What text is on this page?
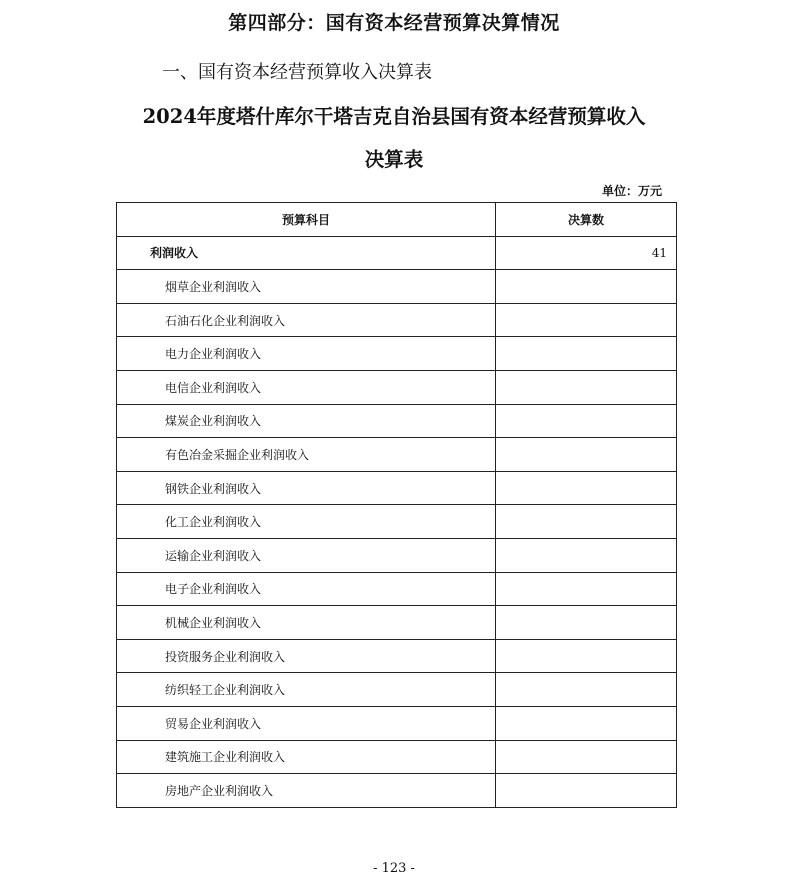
第四部分：国有资本经营预算决算情况
一、国有资本经营预算收入决算表
2024年度塔什库尔干塔吉克自治县国有资本经营预算收入
决算表
单位：万元
预算科目	决算数
利润收入	41
烟草企业利润收入	
石油石化企业利润收入	
电力企业利润收入	
电信企业利润收入	
煤炭企业利润收入	
有色冶金采掘企业利润收入	
钢铁企业利润收入	
化工企业利润收入	
运输企业利润收入	
电子企业利润收入	
机械企业利润收入	
投资服务企业利润收入	
纺织轻工企业利润收入	
贸易企业利润收入	
建筑施工企业利润收入	
房地产企业利润收入	
- 123 -
